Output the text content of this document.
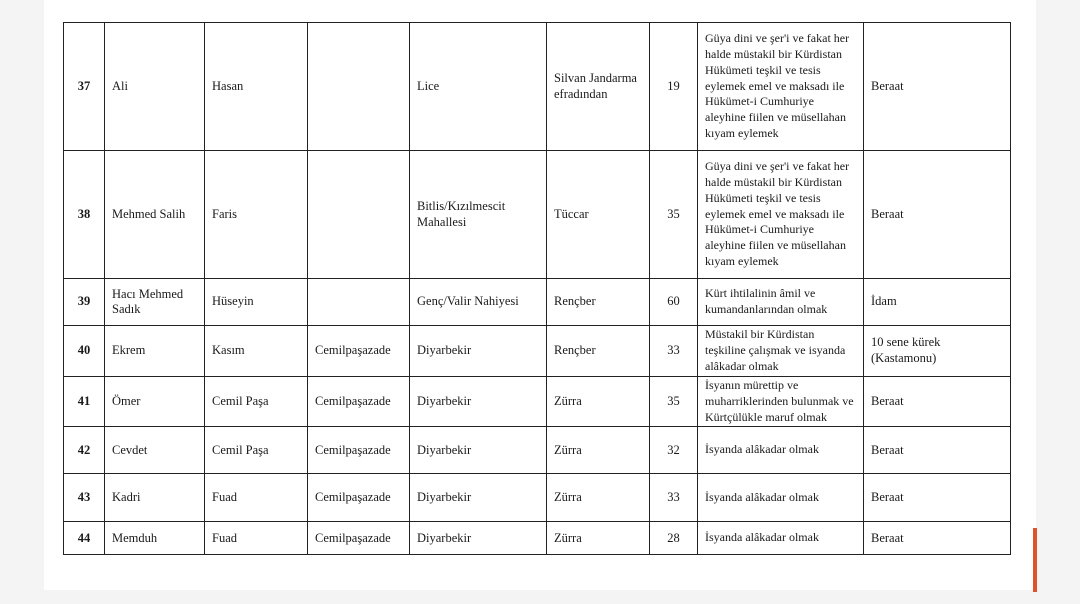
37	Ali	Hasan		Lice	Silvan Jandarma efradından	19	Güya dini ve şer'i ve fakat her halde müstakil bir Kürdistan Hükümeti teşkil ve tesis eylemek emel ve maksadı ile Hükümet-i Cumhuriye aleyhine fiilen ve müsellahan kıyam eylemek	Beraat
38	Mehmed Salih	Faris		Bitlis/Kızılmescit Mahallesi	Tüccar	35	Güya dini ve şer'i ve fakat her halde müstakil bir Kürdistan Hükümeti teşkil ve tesis eylemek emel ve maksadı ile Hükümet-i Cumhuriye aleyhine fiilen ve müsellahan kıyam eylemek	Beraat
39	Hacı Mehmed Sadık	Hüseyin		Genç/Valir Nahiyesi	Rençber	60	Kürt ihtilalinin âmil ve kumandanlarından olmak	İdam
40	Ekrem	Kasım	Cemilpaşazade	Diyarbekir	Rençber	33	Müstakil bir Kürdistan teşkiline çalışmak ve isyanda alâkadar olmak	10 sene kürek (Kastamonu)
41	Ömer	Cemil Paşa	Cemilpaşazade	Diyarbekir	Zürra	35	İsyanın mürettip ve muharriklerinden bulunmak ve Kürtçülükle maruf olmak	Beraat
42	Cevdet	Cemil Paşa	Cemilpaşazade	Diyarbekir	Zürra	32	İsyanda alâkadar olmak	Beraat
43	Kadri	Fuad	Cemilpaşazade	Diyarbekir	Zürra	33	İsyanda alâkadar olmak	Beraat
44	Memduh	Fuad	Cemilpaşazade	Diyarbekir	Zürra	28	İsyanda alâkadar olmak	Beraat
